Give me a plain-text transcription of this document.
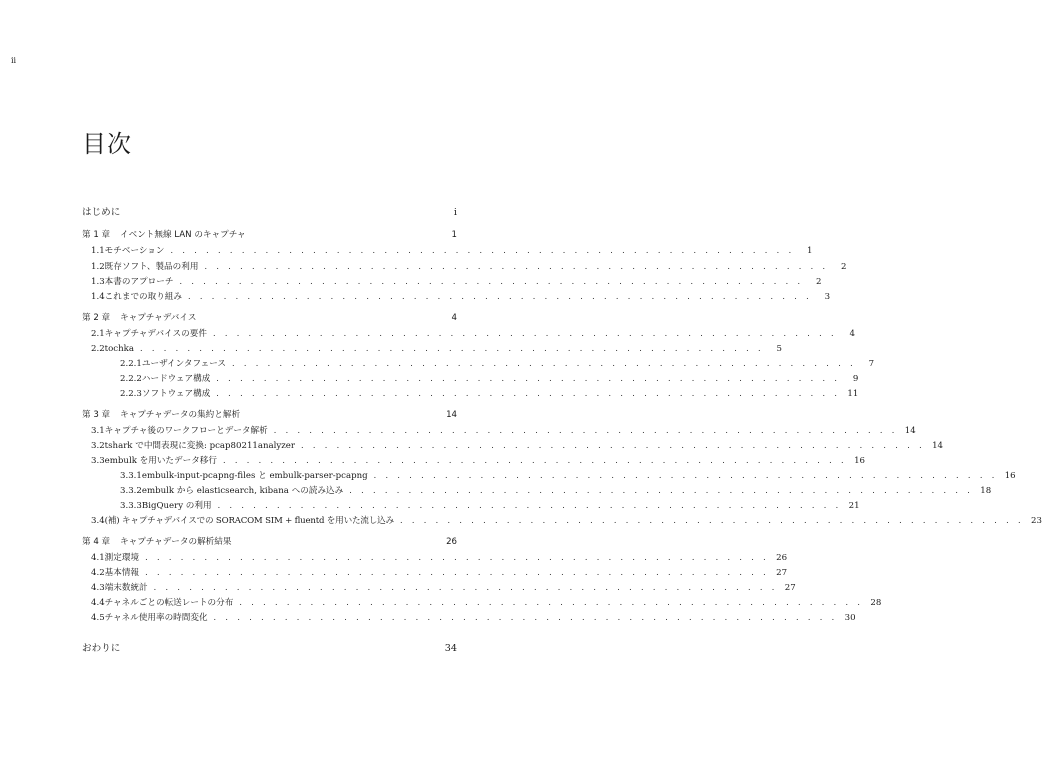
ii
目次
はじめに	i
第 1 章	イベント無線 LAN のキャプチャ	1
1.1 モチベーション . . . . . . . . . . . . . . . . . . . . . . . . . . . . . . . . . . . . . . . . . . . . . . . . . . . . .	1
1.2 既存ソフト、製品の利用 . . . . . . . . . . . . . . . . . . . . . . . . . . . . . . . . . . . . . . . . . . . . . . . . . . . . .	2
1.3 本書のアプローチ . . . . . . . . . . . . . . . . . . . . . . . . . . . . . . . . . . . . . . . . . . . . . . . . . . . . .	2
1.4 これまでの取り組み . . . . . . . . . . . . . . . . . . . . . . . . . . . . . . . . . . . . . . . . . . . . . . . . . . . . .	3
第 2 章	キャプチャデバイス	4
2.1 キャプチャデバイスの要件 . . . . . . . . . . . . . . . . . . . . . . . . . . . . . . . . . . . . . . . . . . . . . . . . . . . . .	4
2.2 tochka . . . . . . . . . . . . . . . . . . . . . . . . . . . . . . . . . . . . . . . . . . . . . . . . . . . . .	5
2.2.1 ユーザインタフェース . . . . . . . . . . . . . . . . . . . . . . . . . . . . . . . . . . . . . . . . . . . . . . . . . . . . .	7
2.2.2 ハードウェア構成 . . . . . . . . . . . . . . . . . . . . . . . . . . . . . . . . . . . . . . . . . . . . . . . . . . . . .	9
2.2.3 ソフトウェア構成 . . . . . . . . . . . . . . . . . . . . . . . . . . . . . . . . . . . . . . . . . . . . . . . . . . . . . 11
第 3 章	キャプチャデータの集約と解析	14
3.1 キャプチャ後のワークフローとデータ解析 . . . . . . . . . . . . . . . . . . . . . . . . . . . . . . . . . . . . . . . . . . . . . . . . . . . . . 14
3.2 tshark で中間表現に変換: pcap80211analyzer . . . . . . . . . . . . . . . . . . . . . . . . . . . . . . . . . . . . . . . . . . . . . . . . . . . . . 14
3.3 embulk を用いたデータ移行 . . . . . . . . . . . . . . . . . . . . . . . . . . . . . . . . . . . . . . . . . . . . . . . . . . . . . 16
3.3.1 embulk-input-pcapng-files と embulk-parser-pcapng . . . . . . . . . . . . . . . . . . . . . . . . . . . . . . . . . . . . . . . . . . . . . . . . . . . . . 16
3.3.2 embulk から elasticsearch, kibana への読み込み . . . . . . . . . . . . . . . . . . . . . . . . . . . . . . . . . . . . . . . . . . . . . . . . . . . . . 18
3.3.3 BigQuery の利用 . . . . . . . . . . . . . . . . . . . . . . . . . . . . . . . . . . . . . . . . . . . . . . . . . . . . . 21
3.4 (補) キャプチャデバイスでの SORACOM SIM + fluentd を用いた流し込み . . . . . . . . . . . . . . . . . . . . . . . . . . . . . . . . . . . . . . . . . . . . . . . . . . . . . 23
第 4 章	キャプチャデータの解析結果	26
4.1 測定環境 . . . . . . . . . . . . . . . . . . . . . . . . . . . . . . . . . . . . . . . . . . . . . . . . . . . . . 26
4.2 基本情報 . . . . . . . . . . . . . . . . . . . . . . . . . . . . . . . . . . . . . . . . . . . . . . . . . . . . . 27
4.3 端末数統計 . . . . . . . . . . . . . . . . . . . . . . . . . . . . . . . . . . . . . . . . . . . . . . . . . . . . . 27
4.4 チャネルごとの転送レートの分布 . . . . . . . . . . . . . . . . . . . . . . . . . . . . . . . . . . . . . . . . . . . . . . . . . . . . . 28
4.5 チャネル使用率の時間変化 . . . . . . . . . . . . . . . . . . . . . . . . . . . . . . . . . . . . . . . . . . . . . . . . . . . . . 30
おわりに	34
